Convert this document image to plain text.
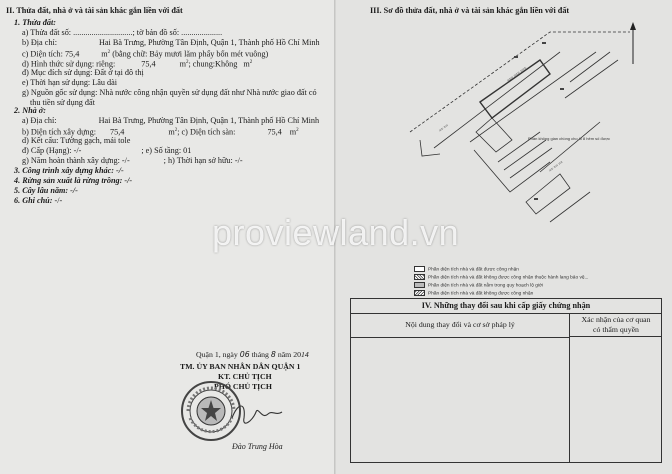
II. Thửa đất, nhà ở và tài sản khác gắn liền với đất
1. Thửa đất:
a) Thửa đất số: .............................; tờ bản đồ số: ....................
b) Địa chỉ:	Hai Bà Trưng, Phường Tân Định, Quận 1, Thành phố Hồ Chí Minh
c) Diện tích: 75,4	$m^2$ (bằng chữ: Bảy mươi lăm phẩy bốn mét vuông)
d) Hình thức sử dụng: riêng:	75,4	$m^2$; chung:Không $m^2$
đ) Mục đích sử dụng: Đất ở tại đô thị
e) Thời hạn sử dụng: Lâu dài
g) Nguồn gốc sử dụng: Nhà nước công nhận quyền sử dụng đất như Nhà nước giao đất có
thu tiền sử dụng đất
2. Nhà ở:
a) Địa chỉ:	Hai Bà Trưng, Phường Tân Định, Quận 1, Thành phố Hồ Chí Minh
b) Diện tích xây dựng: 75,4	$m^2$; c) Diện tích sàn:	75,4 $m^2$
d) Kết cấu: Tường gạch, mái tole
đ) Cấp (Hạng): -/-	; e) Số tầng: 01
g) Năm hoàn thành xây dựng: -/-	; h) Thời hạn sở hữu: -/-
3. Công trình xây dựng khác: -/-
4. Rừng sản xuất là rừng trồng: -/-
5. Cây lâu năm: -/-
6. Ghi chú: -/-
Quận 1, ngày 06 tháng 8 năm 2014
TM. ỦY BAN NHÂN DÂN QUẬN 1
KT. CHỦ TỊCH
PHÓ CHỦ TỊCH
Đào Trung Hòa
III. Sơ đồ thửa đất, nhà ở và tài sản khác gắn liền với đất
=== === ===
== ==
== == ==
Phần không gian chồng cho lô 8 hẻm số được
Phần diện tích nhà và đất được công nhận
Phần diện tích nhà và đất không được công nhận thuộc hành lang bảo vệ...
Phần diện tích nhà và đất nằm trong quy hoạch lộ giới
Phần diện tích nhà và đất không được công nhận
IV. Những thay đổi sau khi cấp giấy chứng nhận
Nội dung thay đổi và cơ sở pháp lý
Xác nhận của cơ quan
có thẩm quyền
proviewland.vn
